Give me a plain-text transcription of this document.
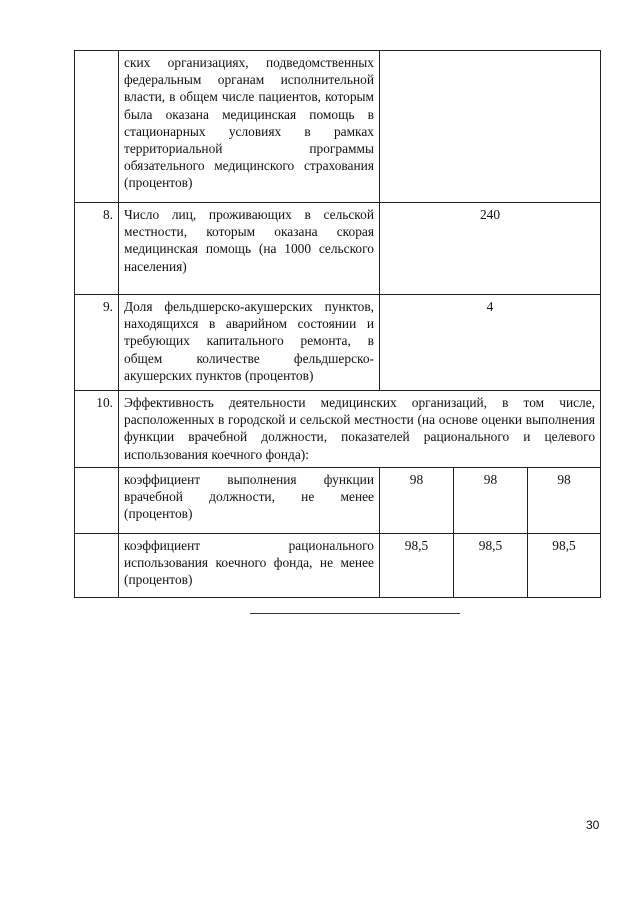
	ских организациях, подведомственных федеральным органам исполнительной власти, в общем числе пациентов, которым была оказана медицинская помощь в стационарных условиях в рамках территориальной программы обязательного медицинского страхования (процентов)			
8.	Число лиц, проживающих в сельской местности, которым оказана скорая медицинская помощь (на 1000 сельского населения)	240		
9.	Доля фельдшерско-акушерских пунктов, находящихся в аварийном состоянии и требующих капитального ремонта, в общем количестве фельдшерско-акушерских пунктов (процентов)	4		
10.	Эффективность деятельности медицинских организаций, в том числе, расположенных в городской и сельской местности (на основе оценки выполнения функции врачебной должности, показателей рационального и целевого использования коечного фонда):			
	коэффициент выполнения функции врачебной должности, не менее (процентов)	98	98	98
	коэффициент рационального использования коечного фонда, не менее (процентов)	98,5	98,5	98,5
30
